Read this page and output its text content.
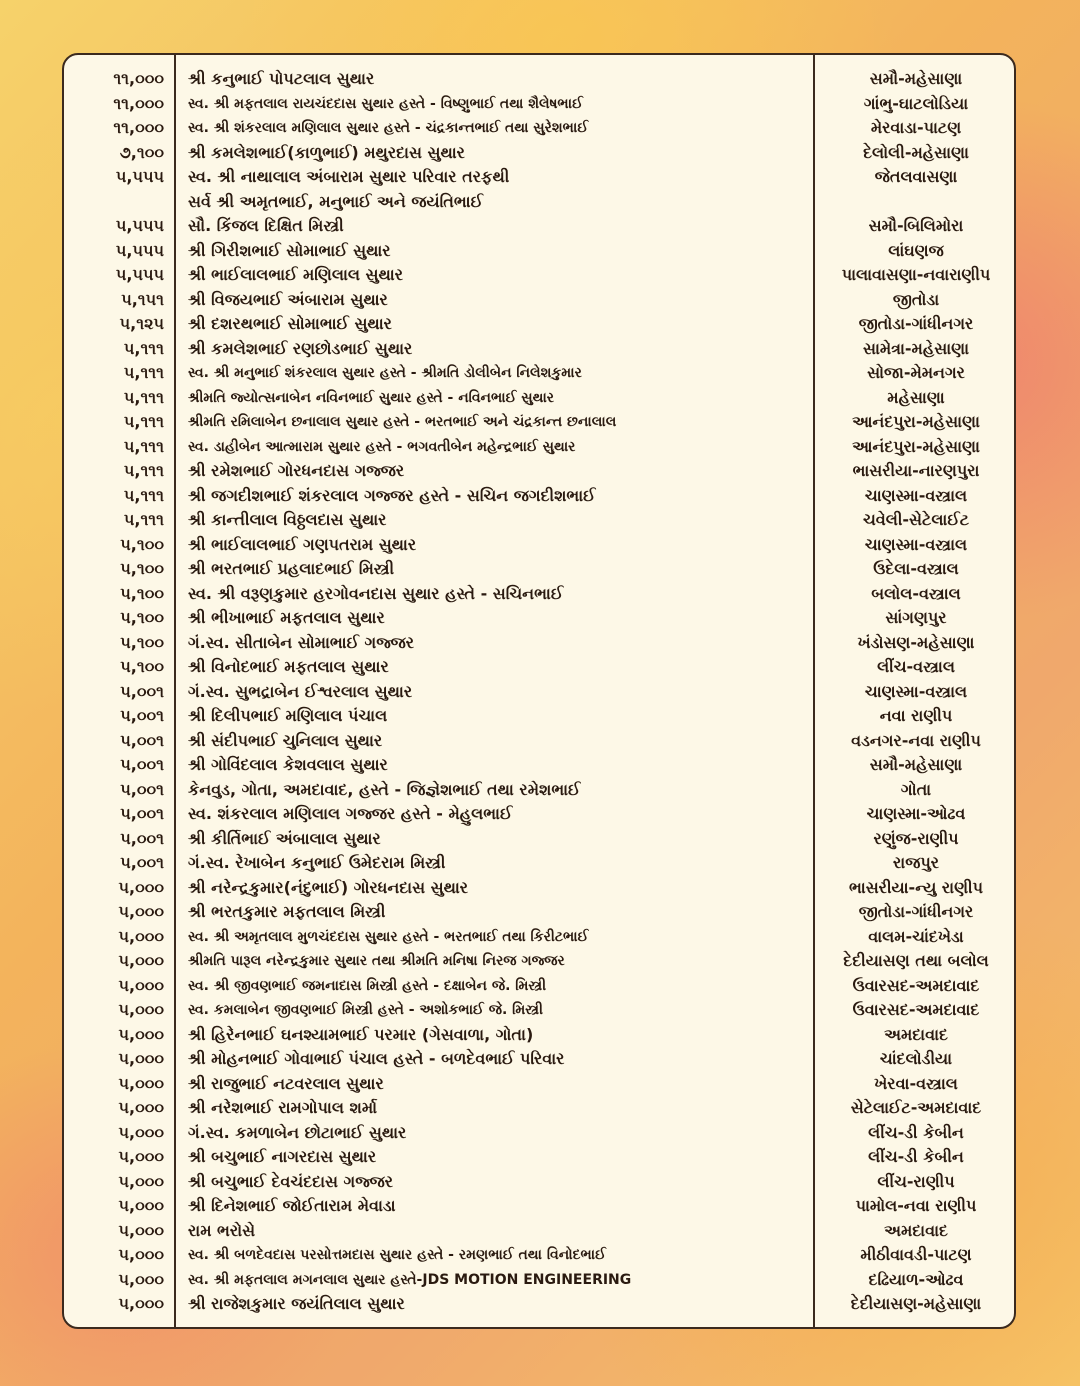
૧૧,૦૦૦ શ્રી કનુભાઈ પોપટલાલ સુથાર	સમૌ-મહેસાણા
૧૧,૦૦૦ સ્વ. શ્રી મફતલાલ રાયચંદદાસ સુથાર હસ્તે - વિષ્ણુભાઈ તથા શૈલેષભાઈ	ગાંભુ-ઘાટલોડિયા
૧૧,૦૦૦ સ્વ. શ્રી શંકરલાલ મણિલાલ સુથાર હસ્તે - ચંદ્રકાન્તભાઈ તથા સુરેશભાઈ	મેરવાડા-પાટણ
૭,૧૦૦ શ્રી કમલેશભાઈ(કાળુભાઈ) મથુરદાસ સુથાર	દેલોલી-મહેસાણા
૫,૫૫૫ સ્વ. શ્રી નાથાલાલ અંબારામ સુથાર પરિવાર તરફથી	જેતલવાસણા
સર્વ શ્રી અમૃતભાઈ, મનુભાઈ અને જયંતિભાઈ
૫,૫૫૫ સૌ. કિંજલ દિક્ષિત મિસ્ત્રી	સમૌ-બિલિમોરા
૫,૫૫૫ શ્રી ગિરીશભાઈ સોમાભાઈ સુથાર	લાંઘણજ
૫,૫૫૫ શ્રી ભાઈલાલભાઈ મણિલાલ સુથાર	પાલાવાસણા-નવારાણીપ
૫,૧૫૧ શ્રી વિજયભાઈ અંબારામ સુથાર	જીતોડા
૫,૧૨૫ શ્રી દશરથભાઈ સોમાભાઈ સુથાર	જીતોડા-ગાંધીનગર
૫,૧૧૧ શ્રી કમલેશભાઈ રણછોડભાઈ સુથાર	સામેત્રા-મહેસાણા
૫,૧૧૧ સ્વ. શ્રી મનુભાઈ શંકરલાલ સુથાર હસ્તે - શ્રીમતિ ડોલીબેન નિલેશકુમાર	સોજા-મેમનગર
૫,૧૧૧ શ્રીમતિ જ્યોત્સનાબેન નવિનભાઈ સુથાર હસ્તે - નવિનભાઈ સુથાર	મહેસાણા
૫,૧૧૧ શ્રીમતિ રમિલાબેન છનાલાલ સુથાર હસ્તે - ભરતભાઈ અને ચંદ્રકાન્ત છનાલાલ	આનંદપુરા-મહેસાણા
૫,૧૧૧ સ્વ. ડાહીબેન આત્મારામ સુથાર હસ્તે - ભગવતીબેન મહેન્દ્રભાઈ સુથાર	આનંદપુરા-મહેસાણા
૫,૧૧૧ શ્રી રમેશભાઈ ગોરધનદાસ ગજ્જર	ભાસરીયા-નારણપુરા
૫,૧૧૧ શ્રી જગદીશભાઈ શંકરલાલ ગજ્જર હસ્તે - સચિન જગદીશભાઈ	ચાણસ્મા-વસ્ત્રાલ
૫,૧૧૧ શ્રી કાન્તીલાલ વિઠ્ઠલદાસ સુથાર	ચવેલી-સેટેલાઈટ
૫,૧૦૦ શ્રી ભાઈલાલભાઈ ગણપતરામ સુથાર	ચાણસ્મા-વસ્ત્રાલ
૫,૧૦૦ શ્રી ભરતભાઈ પ્રહલાદભાઈ મિસ્ત્રી	ઉદેલા-વસ્ત્રાલ
૫,૧૦૦ સ્વ. શ્રી વરૂણકુમાર હરગોવનદાસ સુથાર હસ્તે - સચિનભાઈ	બલોલ-વસ્ત્રાલ
૫,૧૦૦ શ્રી ભીખાભાઈ મફતલાલ સુથાર	સાંગણપુર
૫,૧૦૦ ગં.સ્વ. સીતાબેન સોમાભાઈ ગજ્જર	ખંડોસણ-મહેસાણા
૫,૧૦૦ શ્રી વિનોદભાઈ મફતલાલ સુથાર	લીંચ-વસ્ત્રાલ
૫,૦૦૧ ગં.સ્વ. સુભદ્રાબેન ઈશ્વરલાલ સુથાર	ચાણસ્મા-વસ્ત્રાલ
૫,૦૦૧ શ્રી દિલીપભાઈ મણિલાલ પંચાલ	નવા રાણીપ
૫,૦૦૧ શ્રી સંદીપભાઈ ચુનિલાલ સુથાર	વડનગર-નવા રાણીપ
૫,૦૦૧ શ્રી ગોવિંદલાલ કેશવલાલ સુથાર	સમૌ-મહેસાણા
૫,૦૦૧ કેનવુડ, ગોતા, અમદાવાદ, હસ્તે - જિજ્ઞેશભાઈ તથા રમેશભાઈ	ગોતા
૫,૦૦૧ સ્વ. શંકરલાલ મણિલાલ ગજ્જર હસ્તે - મેહુલભાઈ	ચાણસ્મા-ઓઢવ
૫,૦૦૧ શ્રી કીર્તિભાઈ અંબાલાલ સુથાર	રણુંજ-રાણીપ
૫,૦૦૧ ગં.સ્વ. રેખાબેન કનુભાઈ ઉમેદરામ મિસ્ત્રી	રાજપુર
૫,૦૦૦ શ્રી નરેન્દ્રકુમાર(નંદુભાઈ) ગોરધનદાસ સુથાર	ભાસરીયા-ન્યુ રાણીપ
૫,૦૦૦ શ્રી ભરતકુમાર મફતલાલ મિસ્ત્રી	જીતોડા-ગાંધીનગર
૫,૦૦૦ સ્વ. શ્રી અમૃતલાલ મુળચંદદાસ સુથાર હસ્તે - ભરતભાઈ તથા કિરીટભાઈ	વાલમ-ચાંદખેડા
૫,૦૦૦ શ્રીમતિ પારૂલ નરેન્દ્રકુમાર સુથાર તથા શ્રીમતિ મનિષા નિરજ ગજ્જર	દેદીયાસણ તથા બલોલ
૫,૦૦૦ સ્વ. શ્રી જીવણભાઈ જમનાદાસ મિસ્ત્રી હસ્તે - દક્ષાબેન જે. મિસ્ત્રી	ઉવારસદ-અમદાવાદ
૫,૦૦૦ સ્વ. કમલાબેન જીવણભાઈ મિસ્ત્રી હસ્તે - અશોકભાઈ જે. મિસ્ત્રી	ઉવારસદ-અમદાવાદ
૫,૦૦૦ શ્રી હિરેનભાઈ ઘનશ્યામભાઈ પરમાર (ગેસવાળા, ગોતા)	અમદાવાદ
૫,૦૦૦ શ્રી મોહનભાઈ ગોવાભાઈ પંચાલ હસ્તે - બળદેવભાઈ પરિવાર	ચાંદલોડીયા
૫,૦૦૦ શ્રી રાજુભાઈ નટવરલાલ સુથાર	ખેરવા-વસ્ત્રાલ
૫,૦૦૦ શ્રી નરેશભાઈ રામગોપાલ શર્મા	સેટેલાઈટ-અમદાવાદ
૫,૦૦૦ ગં.સ્વ. કમળાબેન છોટાભાઈ સુથાર	લીંચ-ડી કેબીન
૫,૦૦૦ શ્રી બચુભાઈ નાગરદાસ સુથાર	લીંચ-ડી કેબીન
૫,૦૦૦ શ્રી બચુભાઈ દેવચંદદાસ ગજ્જર	લીંચ-રાણીપ
૫,૦૦૦ શ્રી દિનેશભાઈ જોઈતારામ મેવાડા	પામોલ-નવા રાણીપ
૫,૦૦૦ રામ ભરોસે	અમદાવાદ
૫,૦૦૦ સ્વ. શ્રી બળદેવદાસ પરસોત્તમદાસ સુથાર હસ્તે - રમણભાઈ તથા વિનોદભાઈ	મીઠીવાવડી-પાટણ
૫,૦૦૦ સ્વ. શ્રી મફતલાલ મગનલાલ સુથાર હસ્તે-JDS MOTION ENGINEERING	દઢિયાળ-ઓઢવ
૫,૦૦૦ શ્રી રાજેશકુમાર જયંતિલાલ સુથાર	દેદીયાસણ-મહેસાણા
